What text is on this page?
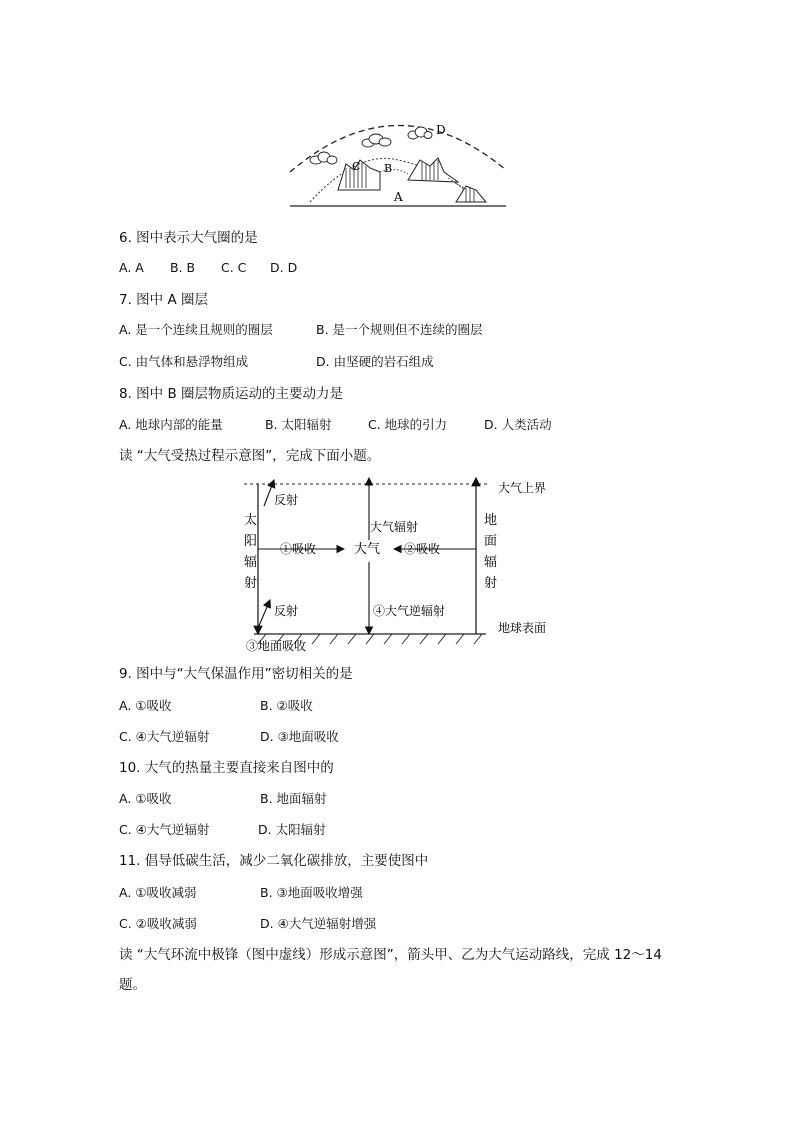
D
C B
A
6. 图中表示大气圈的是
A. A B. B C. C D. D
7. 图中 A 圈层
A. 是一个连续且规则的圈层	B. 是一个规则但不连续的圈层
C. 由气体和悬浮物组成	D. 由坚硬的岩石组成
8. 图中 B 圈层物质运动的主要动力是
A. 地球内部的能量	B. 太阳辐射	C. 地球的引力	D. 人类活动
读 “大气受热过程示意图”，完成下面小题。
大气上界
地球表面
太
阳
辐
射
地
面
辐
射
反射
反射
大气辐射
①吸收	大气 ②吸收
④大气逆辐射
③地面吸收
9. 图中与“大气保温作用”密切相关的是
A. ①吸收	B. ②吸收
C. ④大气逆辐射	D. ③地面吸收
10. 大气的热量主要直接来自图中的
A. ①吸收	B. 地面辐射
C. ④大气逆辐射	D. 太阳辐射
11. 倡导低碳生活，减少二氧化碳排放，主要使图中
A. ①吸收减弱	B. ③地面吸收增强
C. ②吸收减弱	D. ④大气逆辐射增强
读 “大气环流中极锋（图中虚线）形成示意图”，箭头甲、乙为大气运动路线，完成 12～14
题。
